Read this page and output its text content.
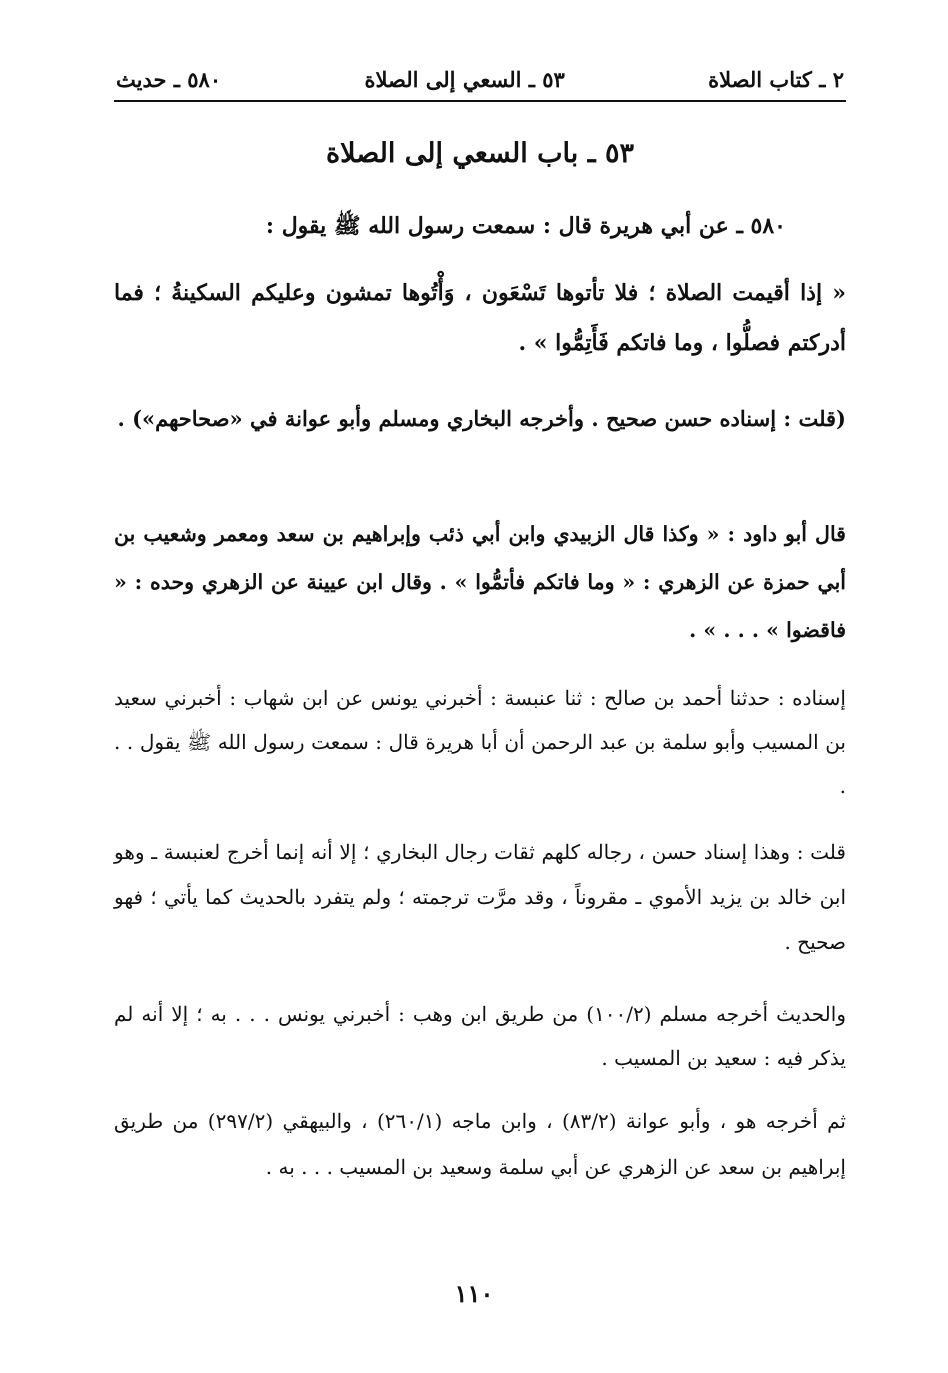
٢ ـ كتاب الصلاة
٥٣ ـ السعي إلى الصلاة
٥٨٠ ـ حديث
٥٣ ـ باب السعي إلى الصلاة

٥٨٠ ـ عن أبي هريرة قال : سمعت رسول الله ﷺ يقول :

« إذا أقيمت الصلاة ؛ فلا تأتوها تَسْعَون ، وَأْتُوها تمشون وعليكم السكينةُ ؛ فما أدركتم فصلُّوا ، وما فاتكم فَأَتِمُّوا » .

(قلت : إسناده حسن صحيح . وأخرجه البخاري ومسلم وأبو عوانة في «صحاحهم») .

قال أبو داود : « وكذا قال الزبيدي وابن أبي ذئب وإبراهيم بن سعد ومعمر وشعيب بن أبي حمزة عن الزهري : « وما فاتكم فأتمُّوا » . وقال ابن عيينة عن الزهري وحده : « فاقضوا » . . . » .

إسناده : حدثنا أحمد بن صالح : ثنا عنبسة : أخبرني يونس عن ابن شهاب : أخبرني سعيد بن المسيب وأبو سلمة بن عبد الرحمن أن أبا هريرة قال : سمعت رسول الله ﷺ يقول . . .

قلت : وهذا إسناد حسن ، رجاله كلهم ثقات رجال البخاري ؛ إلا أنه إنما أخرج لعنبسة ـ وهو ابن خالد بن يزيد الأموي ـ مقروناً ، وقد مرَّت ترجمته ؛ ولم يتفرد بالحديث كما يأتي ؛ فهو صحيح .

والحديث أخرجه مسلم (١٠٠/٢) من طريق ابن وهب : أخبرني يونس . . . به ؛ إلا أنه لم يذكر فيه : سعيد بن المسيب .

ثم أخرجه هو ، وأبو عوانة (٨٣/٢) ، وابن ماجه (٢٦٠/١) ، والبيهقي (٢٩٧/٢) من طريق إبراهيم بن سعد عن الزهري عن أبي سلمة وسعيد بن المسيب . . . به .

١١٠
